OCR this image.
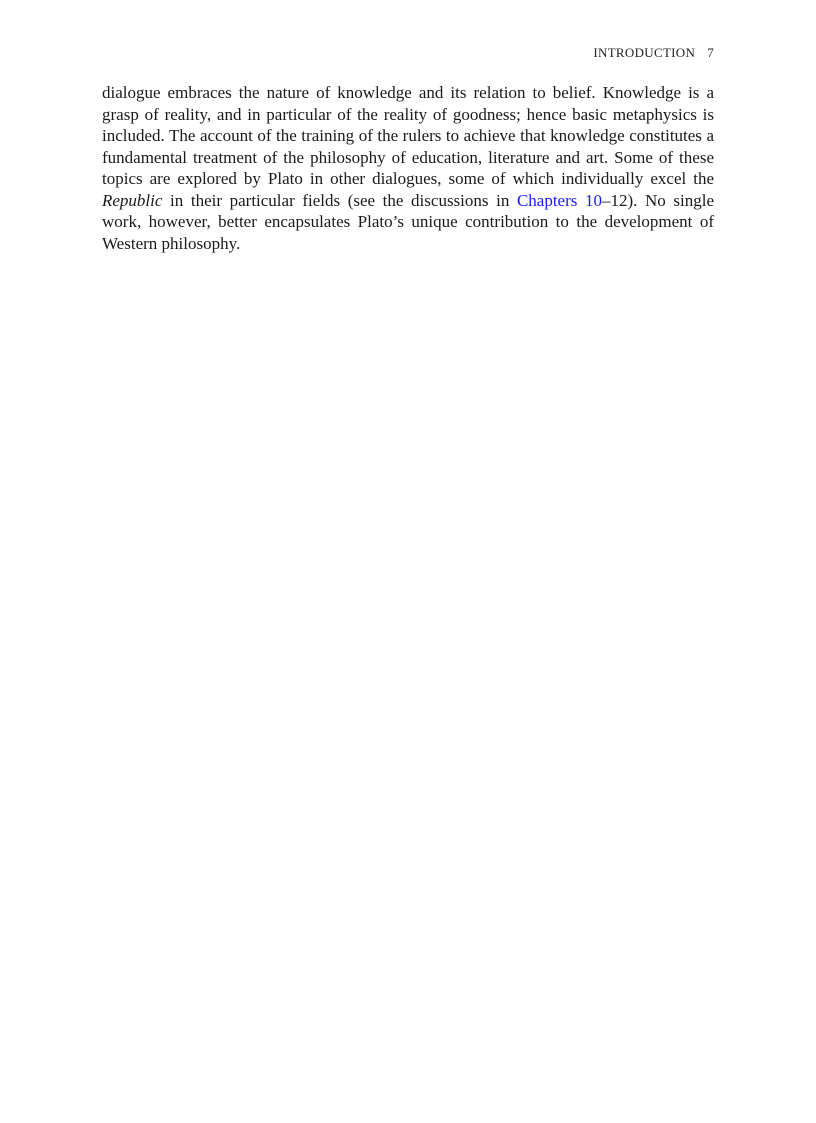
INTRODUCTION 7

dialogue embraces the nature of knowledge and its relation to belief. Knowledge is a grasp of reality, and in particular of the reality of goodness; hence basic metaphysics is included. The account of the training of the rulers to achieve that knowledge constitutes a fundamental treatment of the philosophy of education, literature and art. Some of these topics are explored by Plato in other dialogues, some of which individually excel the Republic in their particular fields (see the discussions in Chapters 10–12). No single work, however, better encapsulates Plato’s unique contribution to the development of Western philosophy.
